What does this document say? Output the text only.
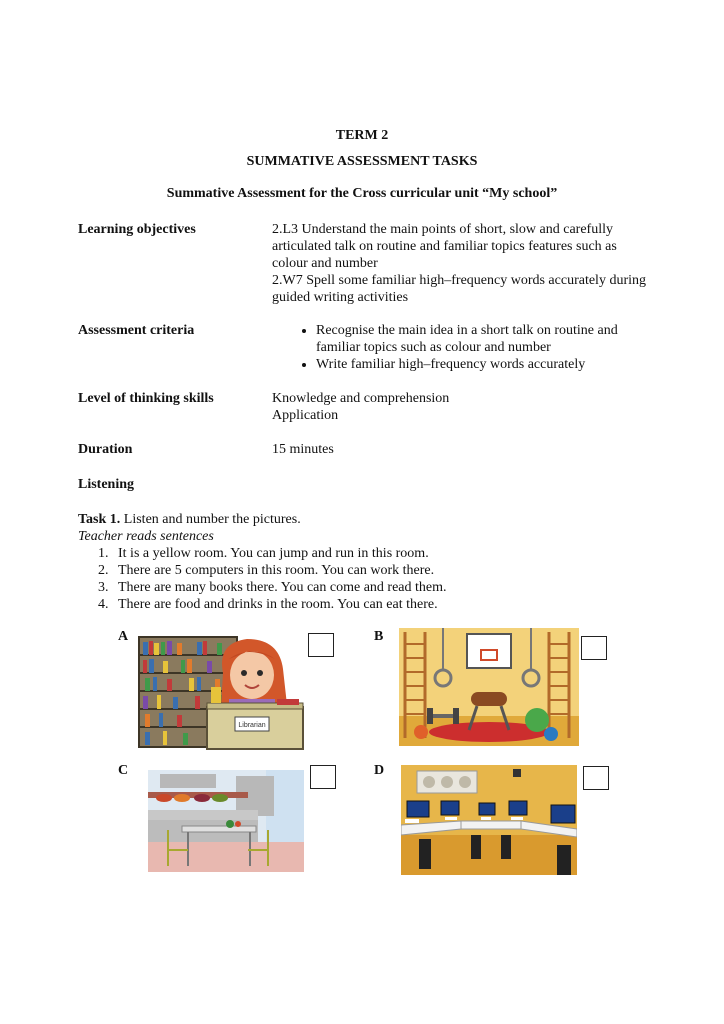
TERM 2
SUMMATIVE ASSESSMENT TASKS
Summative Assessment for the Cross curricular unit “My school”
Learning objectives	2.L3 Understand the main points of short, slow and carefully articulated talk on routine and familiar topics features such as colour and number
2.W7 Spell some familiar high–frequency words accurately during guided writing activities
Assessment criteria
•	Recognise the main idea in a short talk on routine and familiar topics such as colour and number
• Write familiar high–frequency words accurately
Level of thinking skills	Knowledge and comprehension
Application
Duration	15 minutes
Listening
Task 1. Listen and number the pictures.
Teacher reads sentences
1. It is a yellow room. You can jump and run in this room.
2. There are 5 computers in this room. You can work there.
3. There are many books there. You can come and read them.
4. There are food and drinks in the room. You can eat there.
A
Librarian
B
C	D
